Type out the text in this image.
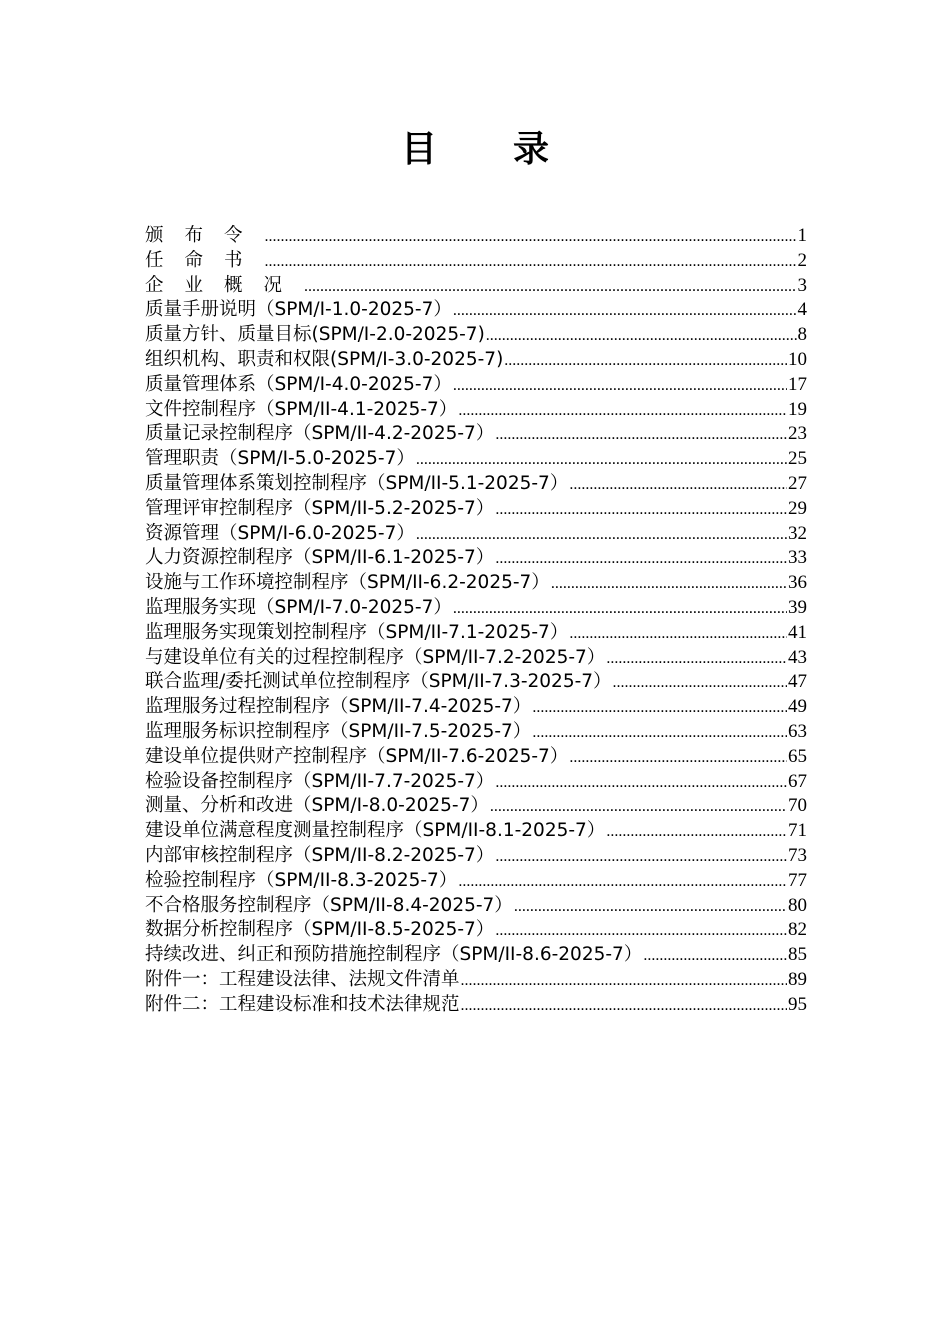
目 录
颁布令 .....	1
任命书 .....	2
企业概况 .....	3
质量手册说明（SPM/I-1.0-2025-7） .....	4
质量方针、质量目标(SPM/I-2.0-2025-7) .....	8
组织机构、职责和权限(SPM/I-3.0-2025-7) .....	10
质量管理体系（SPM/I-4.0-2025-7） .....	17
文件控制程序（SPM/II-4.1-2025-7） .....	19
质量记录控制程序（SPM/II-4.2-2025-7） .....	23
管理职责（SPM/I-5.0-2025-7） .....	25
质量管理体系策划控制程序（SPM/II-5.1-2025-7） .....	27
管理评审控制程序（SPM/II-5.2-2025-7） .....	29
资源管理（SPM/I-6.0-2025-7） .....	32
人力资源控制程序（SPM/II-6.1-2025-7） .....	33
设施与工作环境控制程序（SPM/II-6.2-2025-7） .....	36
监理服务实现（SPM/I-7.0-2025-7） .....	39
监理服务实现策划控制程序（SPM/II-7.1-2025-7） .....	41
与建设单位有关的过程控制程序（SPM/II-7.2-2025-7） .....	43
联合监理/委托测试单位控制程序（SPM/II-7.3-2025-7） .....	47
监理服务过程控制程序（SPM/II-7.4-2025-7） .....	49
监理服务标识控制程序（SPM/II-7.5-2025-7） .....	63
建设单位提供财产控制程序（SPM/II-7.6-2025-7） .....	65
检验设备控制程序（SPM/II-7.7-2025-7） .....	67
测量、分析和改进（SPM/I-8.0-2025-7） .....	70
建设单位满意程度测量控制程序（SPM/II-8.1-2025-7） .....	71
内部审核控制程序（SPM/II-8.2-2025-7） .....	73
检验控制程序（SPM/II-8.3-2025-7） .....	77
不合格服务控制程序（SPM/II-8.4-2025-7） .....	80
数据分析控制程序（SPM/II-8.5-2025-7） .....	82
持续改进、纠正和预防措施控制程序（SPM/II-8.6-2025-7） .....	85
附件一：工程建设法律、法规文件清单 .....	89
附件二：工程建设标准和技术法律规范 .....	95
